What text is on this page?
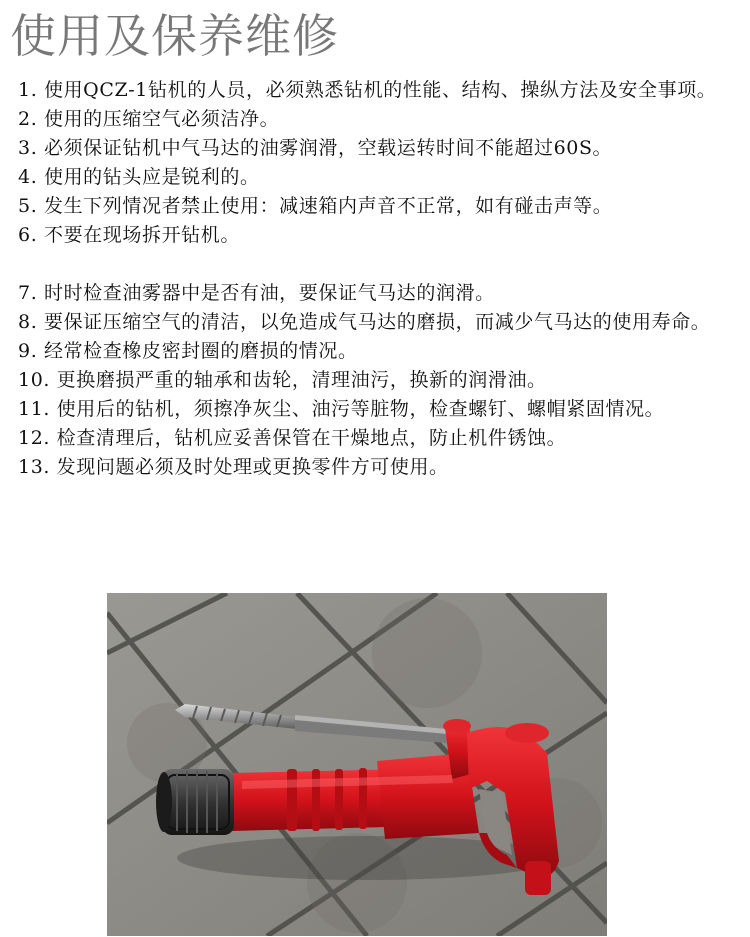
使用及保养维修
1. 使用QCZ-1钻机的人员，必须熟悉钻机的性能、结构、操纵方法及安全事项。
2. 使用的压缩空气必须洁净。
3. 必须保证钻机中气马达的油雾润滑，空载运转时间不能超过60S。
4. 使用的钻头应是锐利的。
5. 发生下列情况者禁止使用：减速箱内声音不正常，如有碰击声等。
6. 不要在现场拆开钻机。
7. 时时检查油雾器中是否有油，要保证气马达的润滑。
8. 要保证压缩空气的清洁，以免造成气马达的磨损，而减少气马达的使用寿命。
9. 经常检查橡皮密封圈的磨损的情况。
10. 更换磨损严重的轴承和齿轮，清理油污，换新的润滑油。
11. 使用后的钻机，须擦净灰尘、油污等脏物，检查螺钉、螺帽紧固情况。
12. 检查清理后，钻机应妥善保管在干燥地点，防止机件锈蚀。
13. 发现问题必须及时处理或更换零件方可使用。
